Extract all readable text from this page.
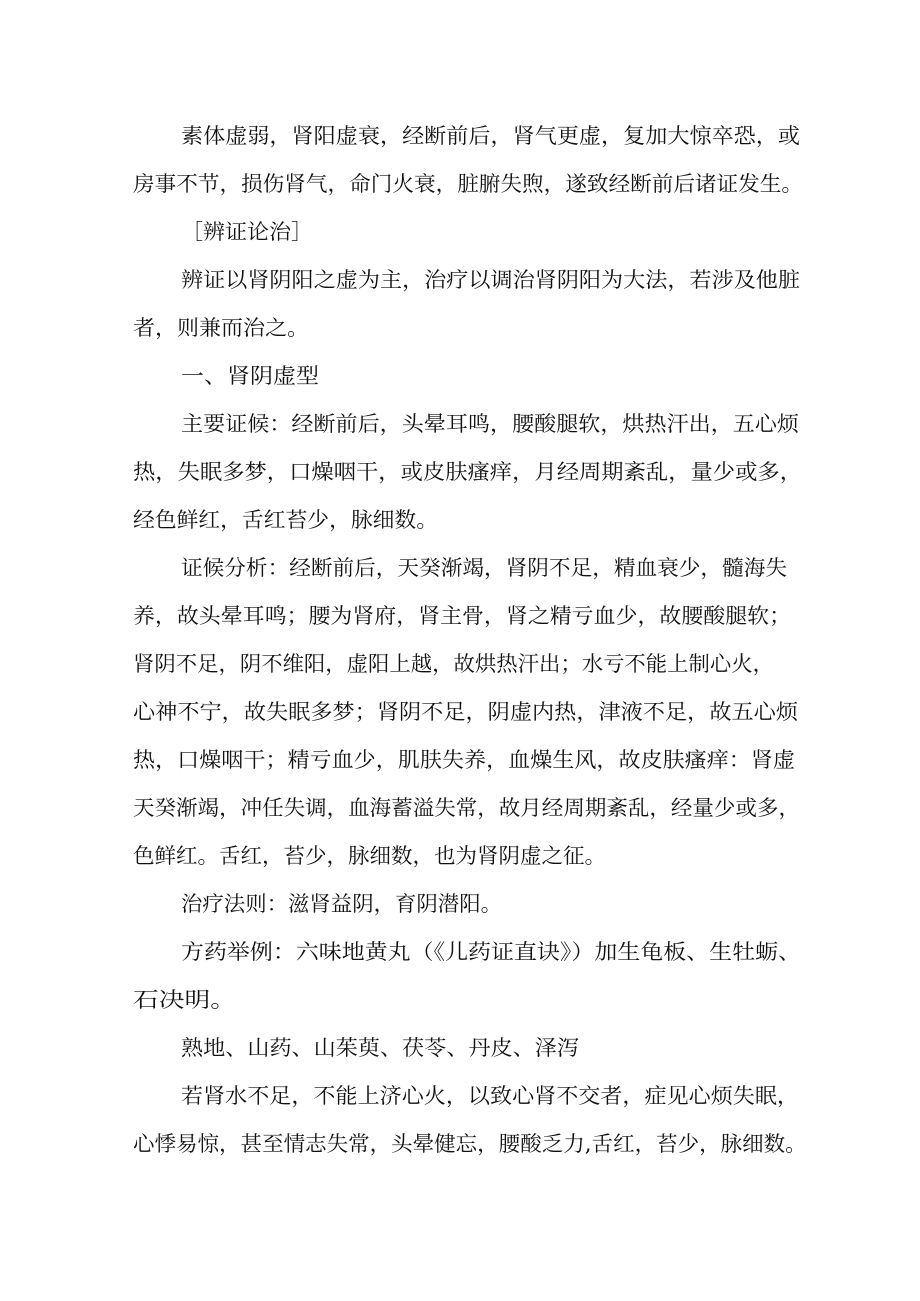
素体虚弱，肾阳虚衰，经断前后，肾气更虚，复加大惊卒恐，或
房事不节，损伤肾气，命门火衰，脏腑失煦，遂致经断前后诸证发生。
［辨证论治］
辨证以肾阴阳之虚为主，治疗以调治肾阴阳为大法，若涉及他脏
者，则兼而治之。
一、肾阴虚型
主要证候：经断前后，头晕耳鸣，腰酸腿软，烘热汗出，五心烦
热，失眠多梦，口燥咽干，或皮肤瘙痒，月经周期紊乱，量少或多，
经色鲜红，舌红苔少，脉细数。
证候分析：经断前后，天癸渐竭，肾阴不足，精血衰少，髓海失
养，故头晕耳鸣；腰为肾府，肾主骨，肾之精亏血少，故腰酸腿软；
肾阴不足，阴不维阳，虚阳上越，故烘热汗出；水亏不能上制心火，
心神不宁，故失眠多梦；肾阴不足，阴虚内热，津液不足，故五心烦
热，口燥咽干；精亏血少，肌肤失养，血燥生风，故皮肤瘙痒：肾虚
天癸渐竭，冲任失调，血海蓄溢失常，故月经周期紊乱，经量少或多，
色鲜红。舌红，苔少，脉细数，也为肾阴虚之征。
治疗法则：滋肾益阴，育阴潜阳。
方药举例：六味地黄丸（《儿药证直诀》）加生龟板、生牡蛎、
石决明。
熟地、山药、山茱萸、茯苓、丹皮、泽泻
若肾水不足，不能上济心火，以致心肾不交者，症见心烦失眠，
心悸易惊，甚至情志失常，头晕健忘，腰酸乏力,舌红，苔少，脉细数。
